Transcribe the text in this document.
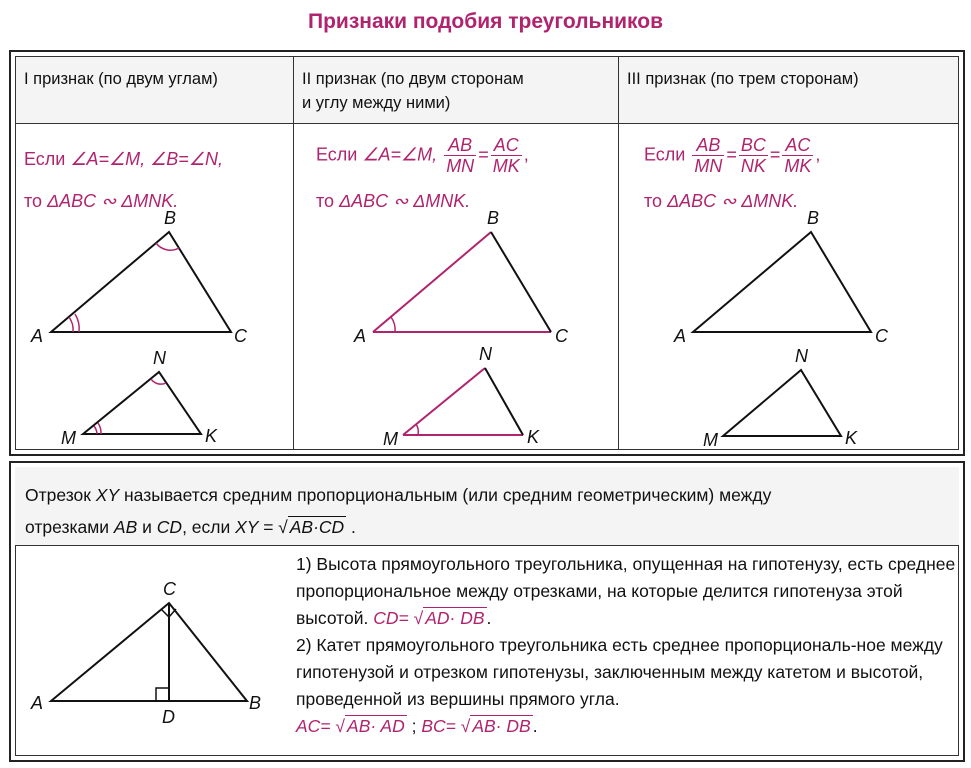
Признаки подобия треугольников
I признак (по двум углам)	II признак (по двум сторонам
и углу между ними)
III признак (по трем сторонам)
Если ∠A=∠M, ∠B=∠N,
то ΔABC ∾ ΔMNK.
Если ∠A=∠M, $\frac{AB}{MN} = \frac{AC}{MK}$ ,
то ΔABC ∾ ΔMNK.
Если $\frac{AB}{MN} = \frac{BC}{NK} = \frac{AC}{MK}$ ,
то ΔABC ∾ ΔMNK.
A
B
C
M
N
K
A
B
C
M
N
K
A
B
C
M
N
K
Отрезок XY называется средним пропорциональным (или средним геометрическим) между
отрезками AB и CD, если XY = √ AB·CD .
A
C
B
D

1) Высота прямоугольного треугольника, опущенная на гипотенузу, есть среднее пропорциональное между отрезками, на которые делится гипотенуза этой высотой. CD= √ AD· DB .

2) Катет прямоугольного треугольника есть среднее пропорциональ-ное между гипотенузой и отрезком гипотенузы, заключенным между катетом и высотой, проведенной из вершины прямого угла.

AC= √ AB· AD ; BC= √ AB· DB .
